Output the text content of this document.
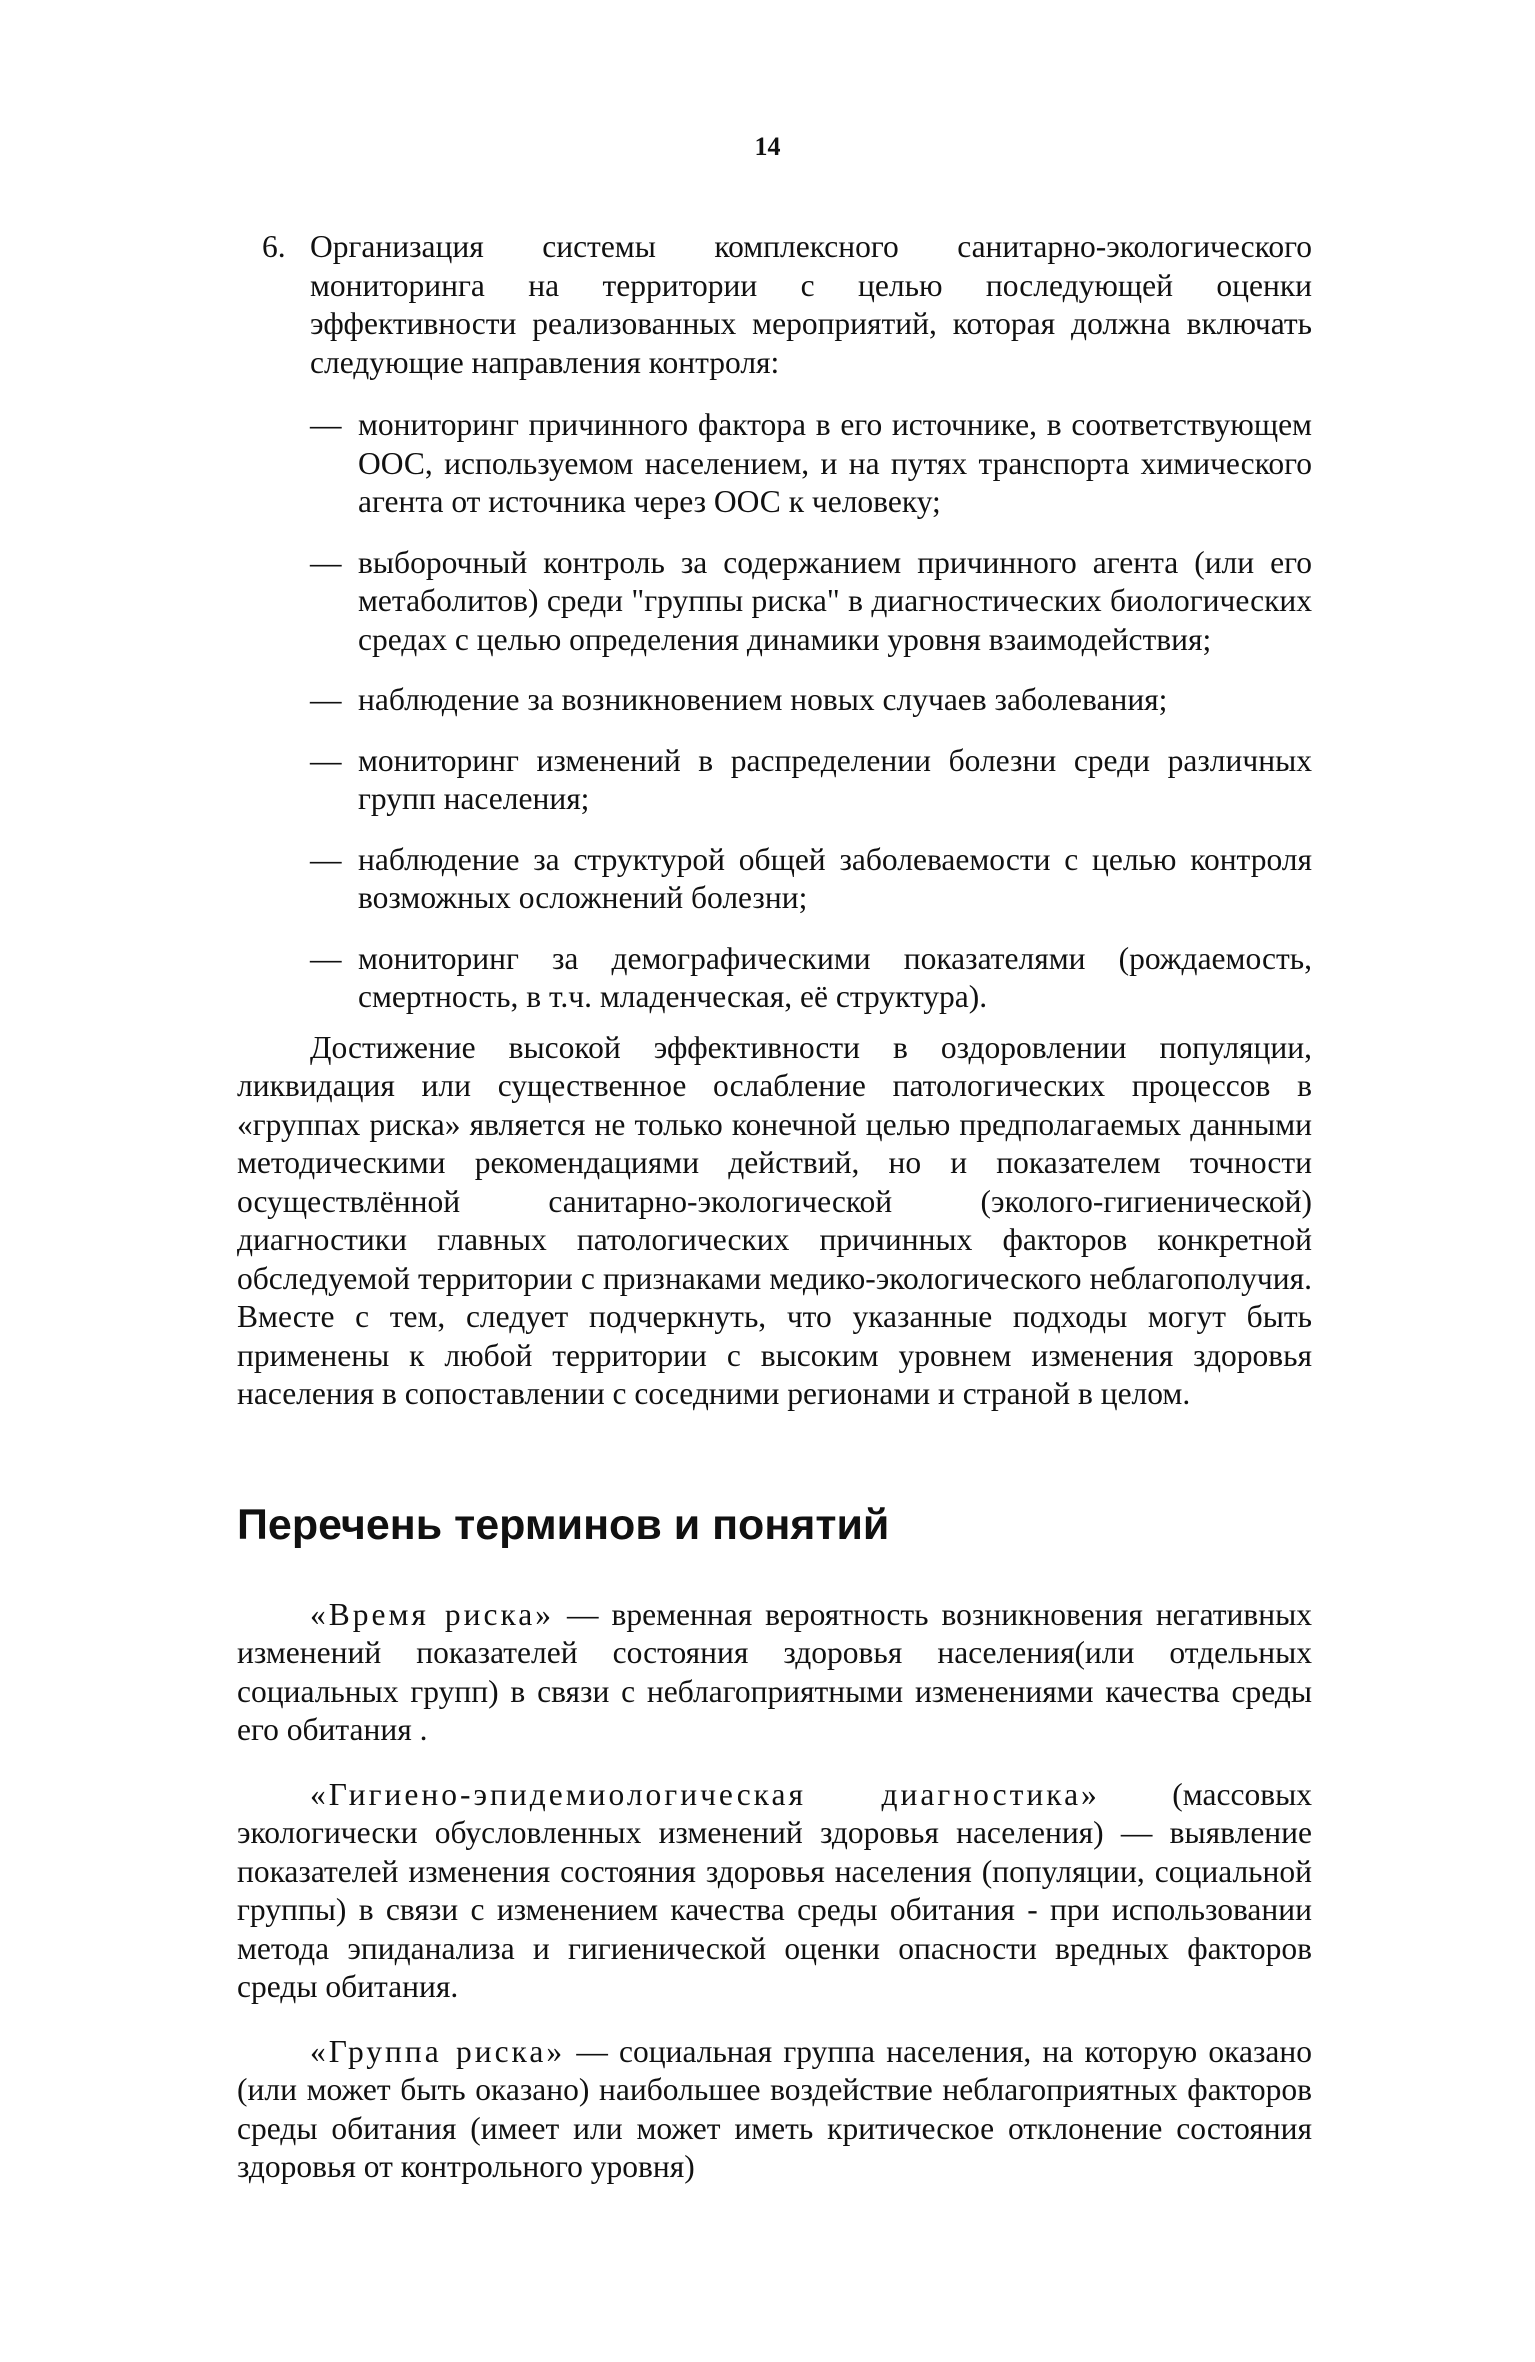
14
6. Организация системы комплексного санитарно-экологического мониторинга на территории с целью последующей оценки эффективности реализованных мероприятий, которая должна включать следующие направления контроля:
— мониторинг причинного фактора в его источнике, в соответствующем ООС, используемом населением, и на путях транспорта химического агента от источника через ООС к человеку;
— выборочный контроль за содержанием причинного агента (или его метаболитов) среди "группы риска" в диагностических биологических средах с целью определения динамики уровня взаимодействия;
— наблюдение за возникновением новых случаев заболевания;
— мониторинг изменений в распределении болезни среди различных групп населения;
— наблюдение за структурой общей заболеваемости с целью контроля возможных осложнений болезни;
— мониторинг за демографическими показателями (рождаемость, смертность, в т.ч. младенческая, её структура).

Достижение высокой эффективности в оздоровлении популяции, ликвидация или существенное ослабление патологических процессов в «группах риска» является не только конечной целью предполагаемых данными методическими рекомендациями действий, но и показателем точности осуществлённой санитарно-экологической (эколого-гигиенической) диагностики главных патологических причинных факторов конкретной обследуемой территории с признаками медико-экологического неблагополучия. Вместе с тем, следует подчеркнуть, что указанные подходы могут быть применены к любой территории с высоким уровнем изменения здоровья населения в сопоставлении с соседними регионами и страной в целом.

Перечень терминов и понятий

«Время риска» — временная вероятность возникновения негативных изменений показателей состояния здоровья населения(или отдельных социальных групп) в связи с неблагоприятными изменениями качества среды его обитания .

«Гигиено-эпидемиологическая диагностика» (массовых экологически обусловленных изменений здоровья населения) — выявление показателей изменения состояния здоровья населения (популяции, социальной группы) в связи с изменением качества среды обитания - при использовании метода эпиданализа и гигиенической оценки опасности вредных факторов среды обитания.

«Группа риска» — социальная группа населения, на которую оказано (или может быть оказано) наибольшее воздействие неблагоприятных факторов среды обитания (имеет или может иметь критическое отклонение состояния здоровья от контрольного уровня)
